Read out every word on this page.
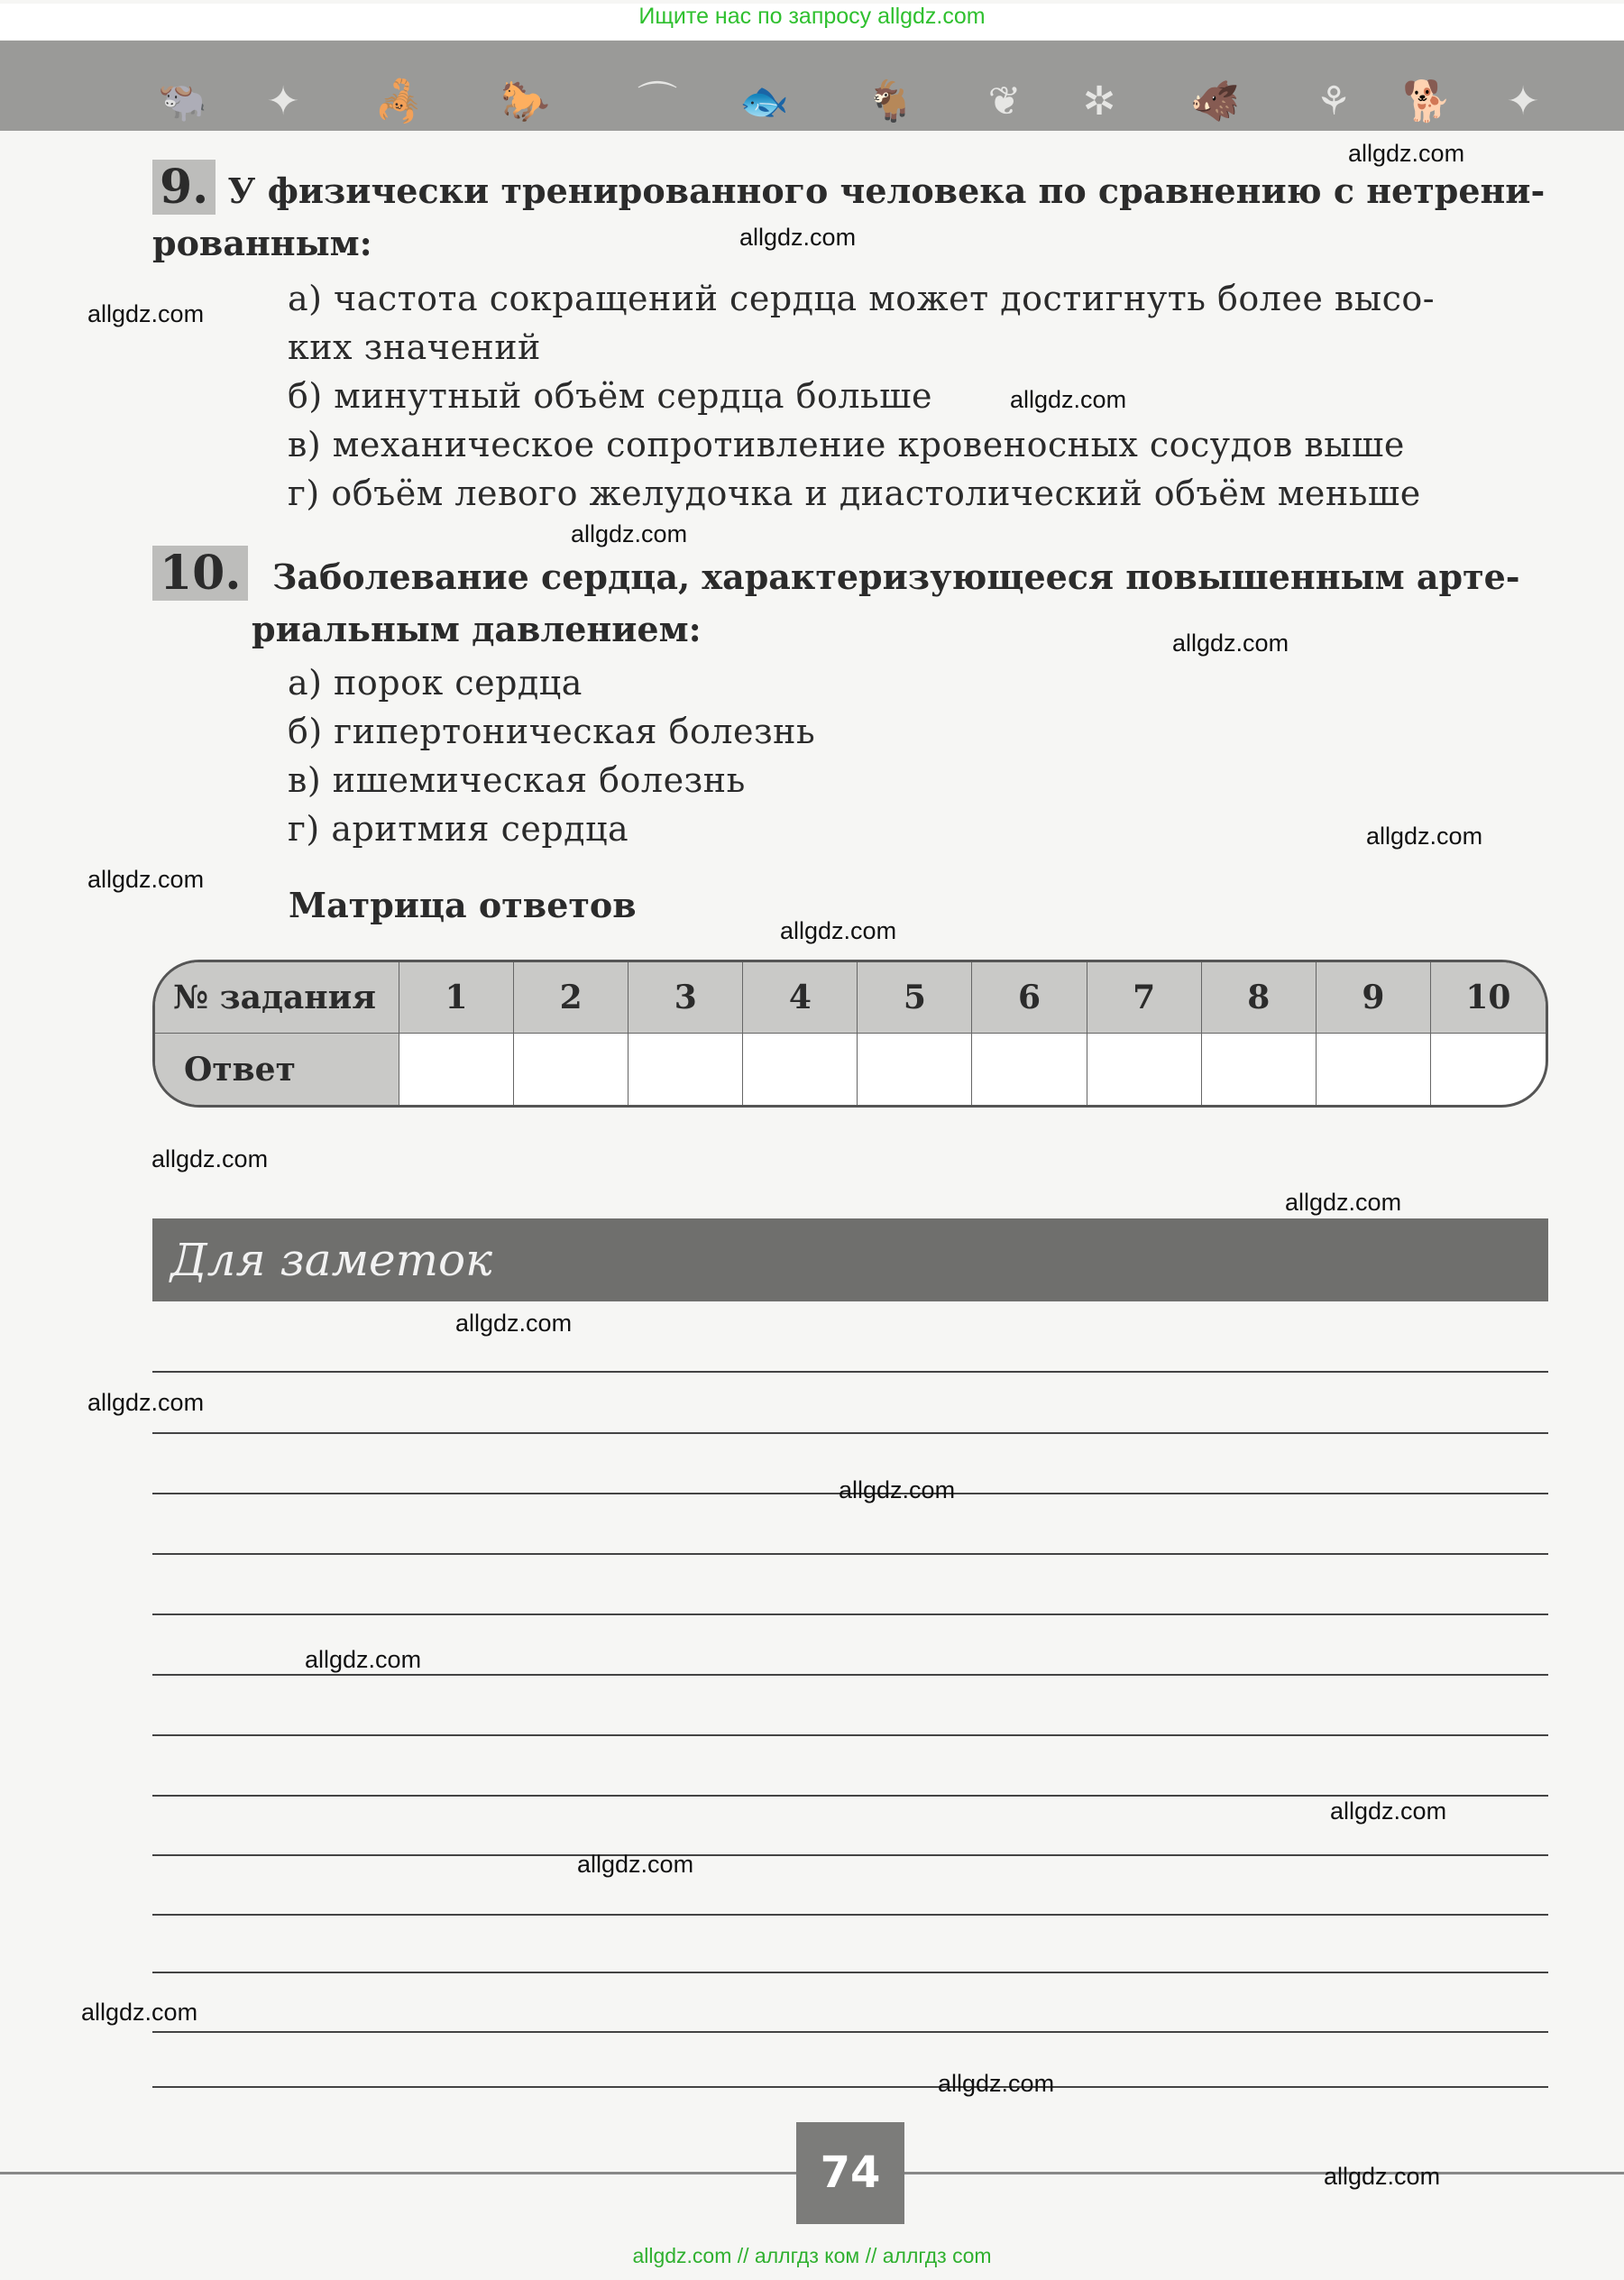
Ищите нас по запросу allgdz.com
🐃 ✦ 🦂 🐎 ⌒ 🐟 🐐 ❦ ✲ 🐗 ⚘ 🐕 ✦
9. У физически тренированного человека по сравнению с нетрени-
рованным:
а) частота сокращений сердца может достигнуть более высо-
ких значений
б) минутный объём сердца больше
в) механическое сопротивление кровеносных сосудов выше
г) объём левого желудочка и диастолический объём меньше
10. Заболевание сердца, характеризующееся повышенным арте-
риальным давлением:
а) порок сердца
б) гипертоническая болезнь
в) ишемическая болезнь
г) аритмия сердца
Матрица ответов
№ задания	1	2	3	4	5	6	7	8	9	10
Ответ
Для заметок
74
allgdz.com // аллгдз ком // аллгдз com
allgdz.com
allgdz.com
allgdz.com
allgdz.com
allgdz.com
allgdz.com
allgdz.com
allgdz.com
allgdz.com
allgdz.com
allgdz.com
allgdz.com
allgdz.com
allgdz.com
allgdz.com
allgdz.com
allgdz.com
allgdz.com
allgdz.com
allgdz.com
